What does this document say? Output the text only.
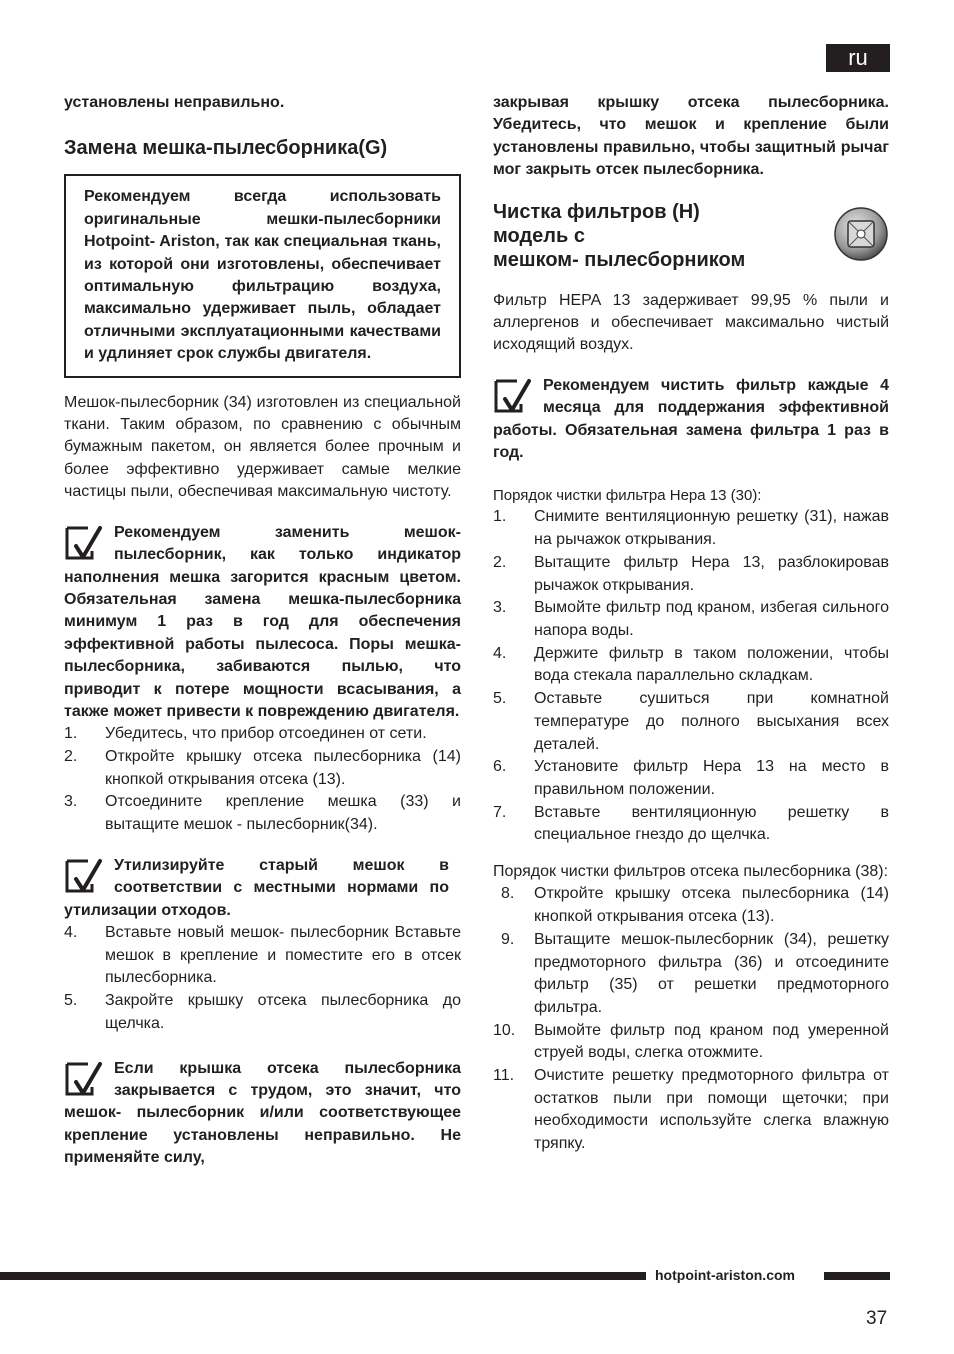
ru

установлены неправильно.

Замена мешка-пылесборника(G)

Рекомендуем всегда использовать оригинальные мешки-пылесборники Hotpoint- Ariston, так как специальная ткань, из которой они изготовлены, обеспечивает оптимальную фильтрацию воздуха, максимально удерживает пыль, обладает отличными эксплуатационными качествами и удлиняет срок службы двигателя.

Мешок-пылесборник (34) изготовлен из специальной ткани. Таким образом, по сравнению с обычным бумажным пакетом, он является более прочным и более эффективно удерживает самые мелкие частицы пыли, обеспечивая максимальную чистоту.

Рекомендуем заменить мешок-пылесборник, как только индикатор наполнения мешка загорится красным цветом. Обязательная замена мешка-пылесборника минимум 1 раз в год для обеспечения эффективной работы пылесоса. Поры мешка-пылесборника, забиваются пылью, что приводит к потере мощности всасывания, а также может привести к повреждению двигателя.

1. Убедитесь, что прибор отсоединен от сети.
2. Откройте крышку отсека пылесборника (14) кнопкой открывания отсека (13).
3. Отсоедините крепление мешка (33) и вытащите мешок - пылесборник(34).

Утилизируйте старый мешок в соответствии с местными нормами по утилизации отходов.

4. Вставьте новый мешок- пылесборник Вставьте мешок в крепление и поместите его в отсек пылесборника.
5. Закройте крышку отсека пылесборника до щелчка.

Если крышка отсека пылесборника закрывается с трудом, это значит, что мешок- пылесборник и/или соответствующее крепление установлены неправильно. Не применяйте силу,

закрывая крышку отсека пылесборника. Убедитесь, что мешок и крепление были установлены правильно, чтобы защитный рычаг мог закрыть отсек пылесборника.

Чистка фильтров (H)

модель с

мешком- пылесборником

Фильтр HEPA 13 задерживает 99,95 % пыли и аллергенов и обеспечивает максимально чистый исходящий воздух.

Рекомендуем чистить фильтр каждые 4 месяца для поддержания эффективной работы. Обязательная замена фильтра 1 раз в год.

Порядок чистки фильтра Нера 13 (30):

1. Снимите вентиляционную решетку (31), нажав на рычажок открывания.
2. Вытащите фильтр Нера 13, разблокировав рычажок открывания.
3. Вымойте фильтр под краном, избегая сильного напора воды.
4. Держите фильтр в таком положении, чтобы вода стекала параллельно складкам.
5. Оставьте сушиться при комнатной температуре до полного высыхания всех деталей.
6. Установите фильтр Нера 13 на место в правильном положении.
7. Вставьте вентиляционную решетку в специальное гнездо до щелчка.

Порядок чистки фильтров отсека пылесборника (38):

8. Откройте крышку отсека пылесборника (14) кнопкой открывания отсека (13).
9. Вытащите мешок-пылесборник (34), решетку предмоторного фильтра (36) и отсоедините фильтр (35) от решетки предмоторного фильтра.
10. Вымойте фильтр под краном под умеренной струей воды, слегка отожмите.
11. Очистите решетку предмоторного фильтра от остатков пыли при помощи щеточки; при необходимости используйте слегка влажную тряпку.
hotpoint-ariston.com
37
